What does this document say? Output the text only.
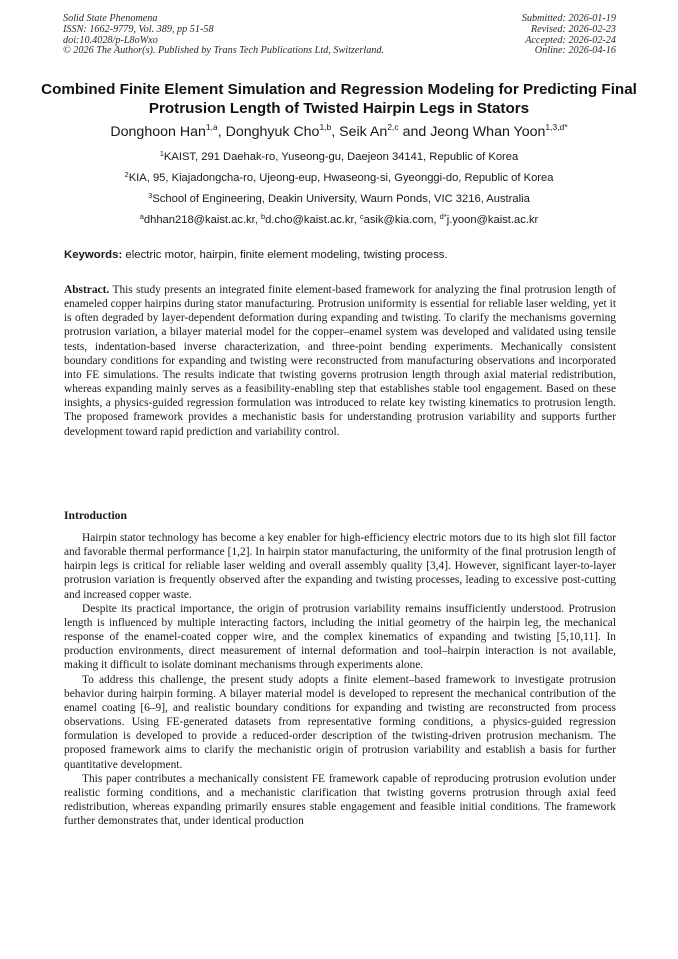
Solid State Phenomena
ISSN: 1662-9779, Vol. 389, pp 51-58
doi:10.4028/p-L8oWxo
© 2026 The Author(s). Published by Trans Tech Publications Ltd, Switzerland.
Submitted: 2026-01-19
Revised: 2026-02-23
Accepted: 2026-02-24
Online: 2026-04-16
Combined Finite Element Simulation and Regression Modeling for Predicting Final Protrusion Length of Twisted Hairpin Legs in Stators
Donghoon Han$^{1,a}$, Donghyuk Cho$^{1,b}$, Seik An$^{2,c}$ and Jeong Whan Yoon$^{1,3,d*}$
$^1$KAIST, 291 Daehak-ro, Yuseong-gu, Daejeon 34141, Republic of Korea
$^2$KIA, 95, Kiajadongcha-ro, Ujeong-eup, Hwaseong-si, Gyeonggi-do, Republic of Korea
$^3$School of Engineering, Deakin University, Waurn Ponds, VIC 3216, Australia
$^a$dhhan218@kaist.ac.kr, $^b$d.cho@kaist.ac.kr, $^c$asik@kia.com, $^{d*}$j.yoon@kaist.ac.kr
Keywords: electric motor, hairpin, finite element modeling, twisting process.

Abstract. This study presents an integrated finite element-based framework for analyzing the final protrusion length of enameled copper hairpins during stator manufacturing. Protrusion uniformity is essential for reliable laser welding, yet it is often degraded by layer-dependent deformation during expanding and twisting. To clarify the mechanisms governing protrusion variation, a bilayer material model for the copper–enamel system was developed and validated using tensile tests, indentation-based inverse characterization, and three-point bending experiments. Mechanically consistent boundary conditions for expanding and twisting were reconstructed from manufacturing observations and incorporated into FE simulations. The results indicate that twisting governs protrusion length through axial material redistribution, whereas expanding mainly serves as a feasibility-enabling step that establishes stable tool engagement. Based on these insights, a physics-guided regression formulation was introduced to relate key twisting kinematics to protrusion length. The proposed framework provides a mechanistic basis for understanding protrusion variability and supports further development toward rapid prediction and variability control.

Introduction

Hairpin stator technology has become a key enabler for high-efficiency electric motors due to its high slot fill factor and favorable thermal performance [1,2]. In hairpin stator manufacturing, the uniformity of the final protrusion length of hairpin legs is critical for reliable laser welding and overall assembly quality [3,4]. However, significant layer-to-layer protrusion variation is frequently observed after the expanding and twisting processes, leading to excessive post-cutting and increased copper waste.

Despite its practical importance, the origin of protrusion variability remains insufficiently understood. Protrusion length is influenced by multiple interacting factors, including the initial geometry of the hairpin leg, the mechanical response of the enamel-coated copper wire, and the complex kinematics of expanding and twisting [5,10,11]. In production environments, direct measurement of internal deformation and tool–hairpin interaction is not available, making it difficult to isolate dominant mechanisms through experiments alone.

To address this challenge, the present study adopts a finite element–based framework to investigate protrusion behavior during hairpin forming. A bilayer material model is developed to represent the mechanical contribution of the enamel coating [6–9], and realistic boundary conditions for expanding and twisting are reconstructed from process observations. Using FE-generated datasets from representative forming conditions, a physics-guided regression formulation is developed to provide a reduced-order description of the twisting-driven protrusion mechanism. The proposed framework aims to clarify the mechanistic origin of protrusion variability and establish a basis for further quantitative development.

This paper contributes a mechanically consistent FE framework capable of reproducing protrusion evolution under realistic forming conditions, and a mechanistic clarification that twisting governs protrusion through axial feed redistribution, whereas expanding primarily ensures stable engagement and feasible initial conditions. The framework further demonstrates that, under identical production
